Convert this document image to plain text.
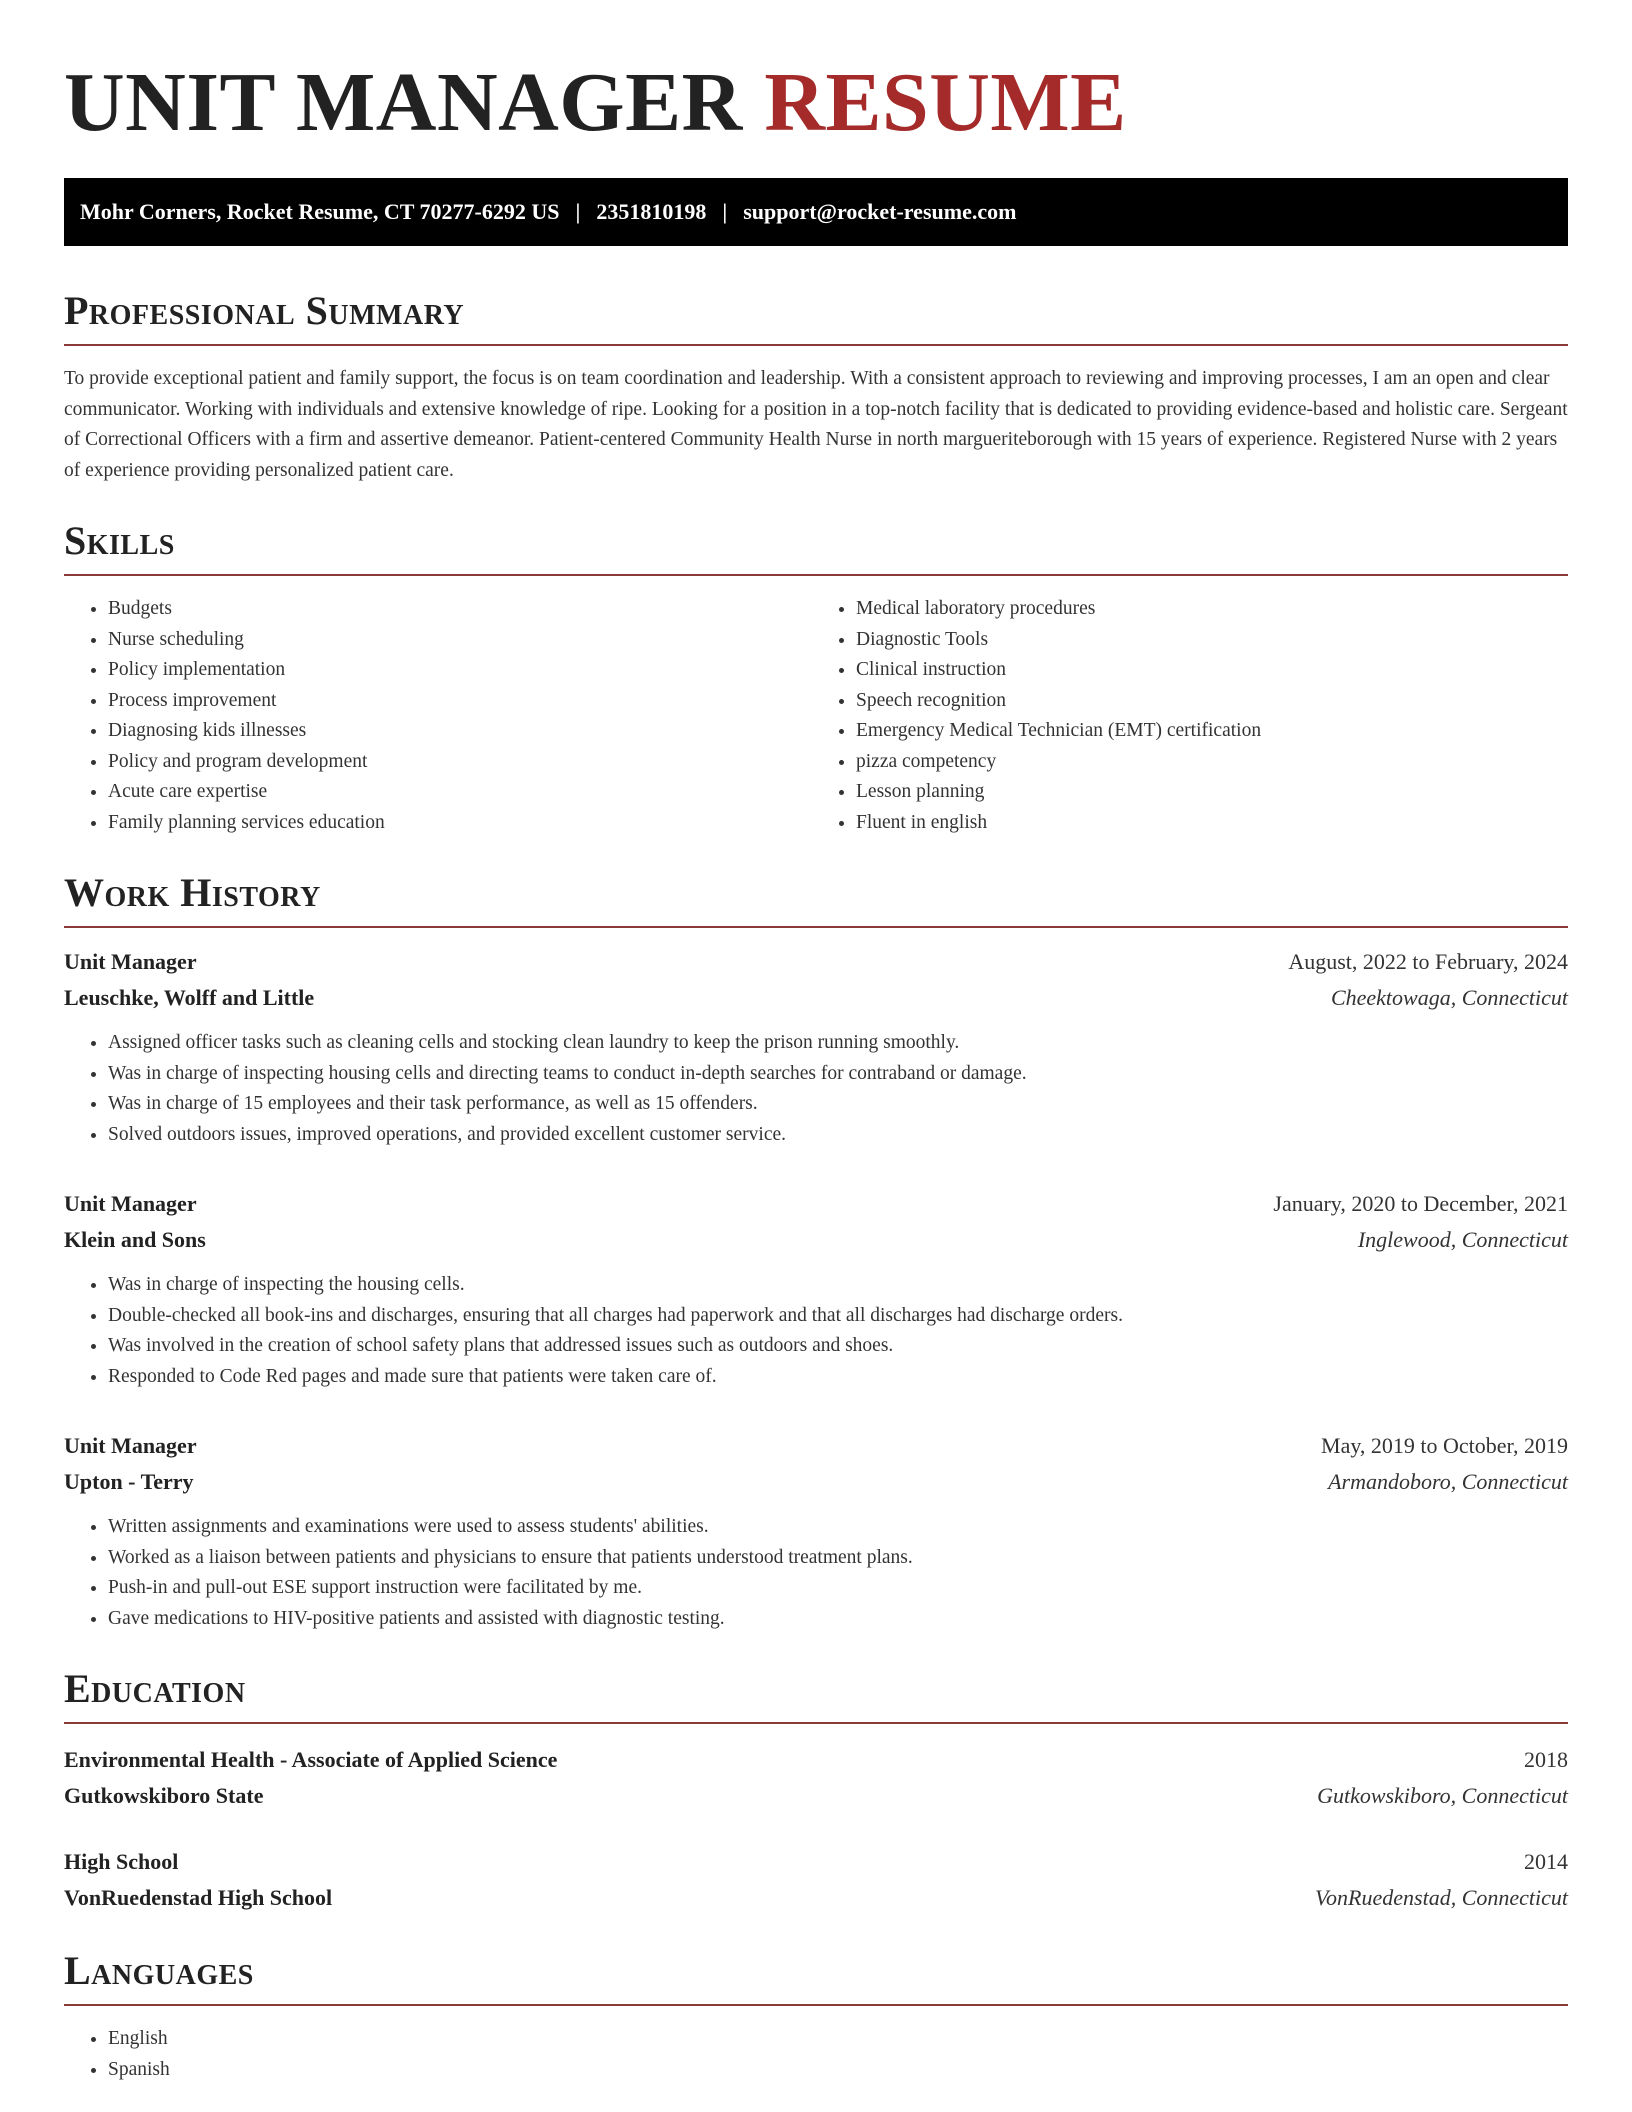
UNIT MANAGER RESUME
Mohr Corners, Rocket Resume, CT 70277-6292 US | 2351810198 | support@rocket-resume.com
Professional Summary

To provide exceptional patient and family support, the focus is on team coordination and leadership. With a consistent approach to reviewing and improving processes, I am an open and clear communicator. Working with individuals and extensive knowledge of ripe. Looking for a position in a top-notch facility that is dedicated to providing evidence-based and holistic care. Sergeant of Correctional Officers with a firm and assertive demeanor. Patient-centered Community Health Nurse in north margueriteborough with 15 years of experience. Registered Nurse with 2 years of experience providing personalized patient care.

Skills
• Budgets
• Nurse scheduling
• Policy implementation
• Process improvement
• Diagnosing kids illnesses
• Policy and program development
• Acute care expertise
• Family planning services education
• Medical laboratory procedures
• Diagnostic Tools
• Clinical instruction
• Speech recognition
• Emergency Medical Technician (EMT) certification
• pizza competency
• Lesson planning
• Fluent in english
Work History
Unit Manager	August, 2022 to February, 2024
Leuschke, Wolff and Little	Cheektowaga, Connecticut
• Assigned officer tasks such as cleaning cells and stocking clean laundry to keep the prison running smoothly.
• Was in charge of inspecting housing cells and directing teams to conduct in-depth searches for contraband or damage.
• Was in charge of 15 employees and their task performance, as well as 15 offenders.
• Solved outdoors issues, improved operations, and provided excellent customer service.
Unit Manager	January, 2020 to December, 2021
Klein and Sons	Inglewood, Connecticut
• Was in charge of inspecting the housing cells.
• Double-checked all book-ins and discharges, ensuring that all charges had paperwork and that all discharges had discharge orders.
• Was involved in the creation of school safety plans that addressed issues such as outdoors and shoes.
• Responded to Code Red pages and made sure that patients were taken care of.
Unit Manager	May, 2019 to October, 2019
Upton - Terry	Armandoboro, Connecticut
• Written assignments and examinations were used to assess students' abilities.
• Worked as a liaison between patients and physicians to ensure that patients understood treatment plans.
• Push-in and pull-out ESE support instruction were facilitated by me.
• Gave medications to HIV-positive patients and assisted with diagnostic testing.
Education
Environmental Health - Associate of Applied Science	2018
Gutkowskiboro State	Gutkowskiboro, Connecticut
High School	2014
VonRuedenstad High School	VonRuedenstad, Connecticut
Languages
• English
• Spanish
